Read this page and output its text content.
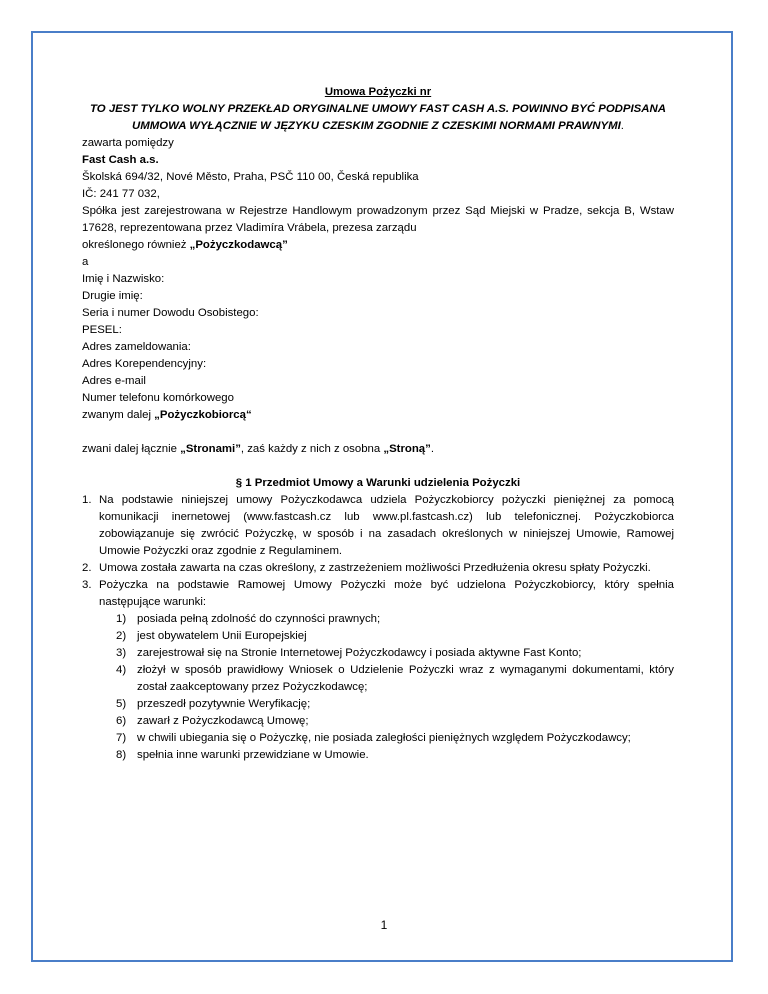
Umowa Pożyczki nr
TO JEST TYLKO WOLNY PRZEKŁAD ORYGINALNE UMOWY FAST CASH A.S. POWINNO BYĆ PODPISANA
UMMOWA WYŁĄCZNIE W JĘZYKU CZESKIM ZGODNIE Z CZESKIMI NORMAMI PRAWNYMI.
zawarta pomiędzy
Fast Cash a.s.
Školská 694/32, Nové Město, Praha, PSČ 110 00, Česká republika
IČ: 241 77 032,
Spółka jest zarejestrowana w Rejestrze Handlowym prowadzonym przez Sąd Miejski w Pradze, sekcja B, Wstaw 17628, reprezentowana przez Vladimíra Vrábela, prezesa zarządu
określonego również „Pożyczkodawcą”
a
Imię i Nazwisko:
Drugie imię:
Seria i numer Dowodu Osobistego:
PESEL:
Adres zameldowania:
Adres Korependencyjny:
Adres e-mail
Numer telefonu komórkowego
zwanym dalej „Pożyczkobiorcą“
zwani dalej łącznie „Stronami”, zaś każdy z nich z osobna „Stroną”.
§ 1 Przedmiot Umowy a Warunki udzielenia Pożyczki
1. Na podstawie niniejszej umowy Pożyczkodawca udziela Pożyczkobiorcy pożyczki pieniężnej za pomocą komunikacji inernetowej (www.fastcash.cz lub www.pl.fastcash.cz) lub telefonicznej. Pożyczkobiorca zobowiązanuje się zwrócić Pożyczkę, w sposób i na zasadach określonych w niniejszej Umowie, Ramowej Umowie Pożyczki oraz zgodnie z Regulaminem.
2. Umowa została zawarta na czas określony, z zastrzeżeniem możliwości Przedłużenia okresu spłaty Pożyczki.
3. Pożyczka na podstawie Ramowej Umowy Pożyczki może być udzielona Pożyczkobiorcy, który spełnia następujące warunki:
1) posiada pełną zdolność do czynności prawnych;
2) jest obywatelem Unii Europejskiej
3) zarejestrował się na Stronie Internetowej Pożyczkodawcy i posiada aktywne Fast Konto;
4) złożył w sposób prawidłowy Wniosek o Udzielenie Pożyczki wraz z wymaganymi dokumentami, który został zaakceptowany przez Pożyczkodawcę;
5) przeszedł pozytywnie Weryfikację;
6) zawarł z Pożyczkodawcą Umowę;
7) w chwili ubiegania się o Pożyczkę, nie posiada zaległości pieniężnych względem Pożyczkodawcy;
8) spełnia inne warunki przewidziane w Umowie.
1
